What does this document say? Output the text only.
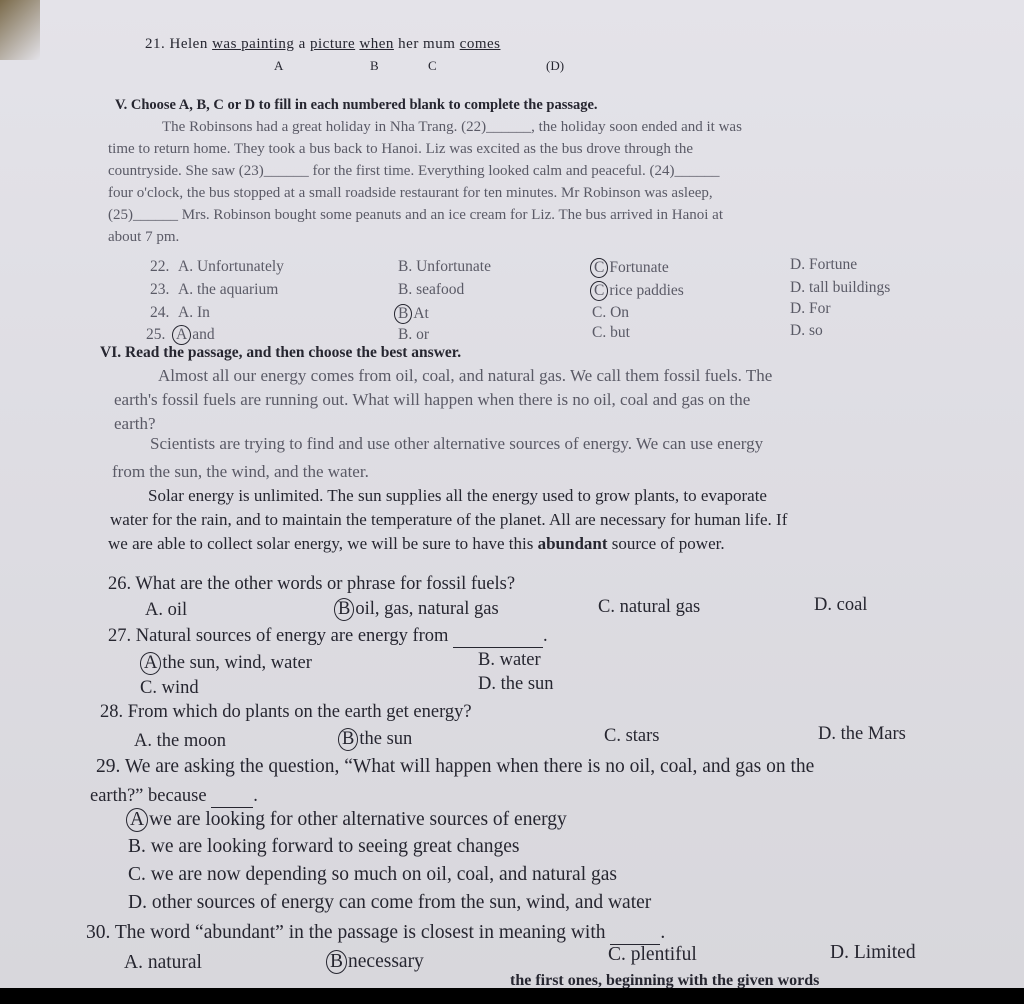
21. Helen was painting a picture when her mum comes
A	B	C	(D)
V. Choose A, B, C or D to fill in each numbered blank to complete the passage.
The Robinsons had a great holiday in Nha Trang. (22)______, the holiday soon ended and it was
time to return home. They took a bus back to Hanoi. Liz was excited as the bus drove through the
countryside. She saw (23)______ for the first time. Everything looked calm and peaceful. (24)______
four o'clock, the bus stopped at a small roadside restaurant for ten minutes. Mr Robinson was asleep,
(25)______ Mrs. Robinson bought some peanuts and an ice cream for Liz. The bus arrived in Hanoi at
about 7 pm.
22. A. Unfortunately	B. Unfortunate	C Fortunate	D. Fortune
23. A. the aquarium	B. seafood	C rice paddies	D. tall buildings
24. A. In	B At	C. On	D. For
25. A and	B. or	C. but	D. so
VI. Read the passage, and then choose the best answer.
Almost all our energy comes from oil, coal, and natural gas. We call them fossil fuels. The
earth's fossil fuels are running out. What will happen when there is no oil, coal and gas on the
earth?
Scientists are trying to find and use other alternative sources of energy. We can use energy
from the sun, the wind, and the water.
Solar energy is unlimited. The sun supplies all the energy used to grow plants, to evaporate
water for the rain, and to maintain the temperature of the planet. All are necessary for human life. If
we are able to collect solar energy, we will be sure to have this abundant source of power.
26. What are the other words or phrase for fossil fuels?
A. oil	B oil, gas, natural gas	C. natural gas	D. coal
27. Natural sources of energy are energy from	.
A the sun, wind, water	B. water
C. wind	D. the sun
28. From which do plants on the earth get energy?
A. the moon	B the sun	C. stars	D. the Mars
29. We are asking the question, “What will happen when there is no oil, coal, and gas on the
earth?” because	.
A we are looking for other alternative sources of energy
B. we are looking forward to seeing great changes
C. we are now depending so much on oil, coal, and natural gas
D. other sources of energy can come from the sun, wind, and water
30. The word “abundant” in the passage is closest in meaning with	.
A. natural	B necessary	C. plentiful	D. Limited
the first ones, beginning with the given words
